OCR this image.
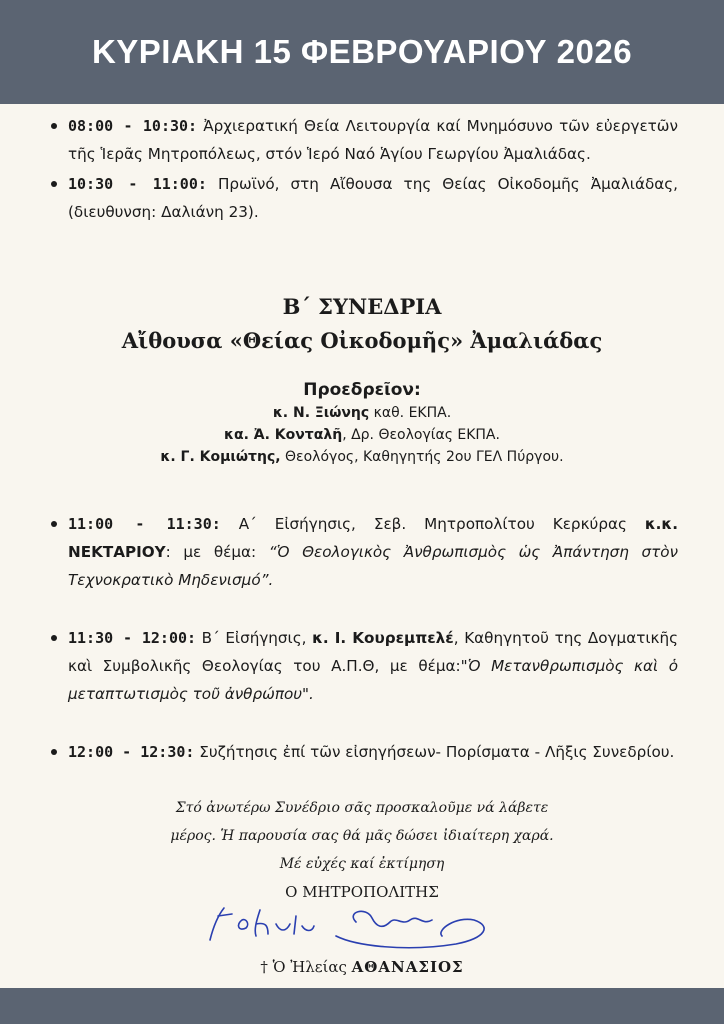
ΚΥΡΙΑΚΗ 15 ΦΕΒΡΟΥΑΡΙΟΥ 2026
08:00 - 10:30: Ἀρχιερατική Θεία Λειτουργία καί Μνημόσυνο τῶν εὐεργετῶν τῆς Ἱερᾶς Μητροπόλεως, στόν Ἱερό Ναό Ἁγίου Γεωργίου Ἀμαλιάδας.
10:30 - 11:00: Πρωϊνό, στη Αἴθουσα της Θείας Οἰκοδομῆς Ἀμαλιάδας, (διευθυνση: Δαλιάνη 23).
Β΄ ΣΥΝΕΔΡΙΑ
Αἴθουσα «Θείας Οἰκοδομῆς» Ἀμαλιάδας
Προεδρεῖον:
κ. Ν. Ξιώνης καθ. ΕΚΠΑ.
κα. Ἀ. Κονταλῆ, Δρ. Θεολογίας ΕΚΠΑ.
κ. Γ. Κομιώτης, Θεολόγος, Καθηγητής 2ου ΓΕΛ Πύργου.
11:00 - 11:30: Α΄ Εἰσήγησις, Σεβ. Μητροπολίτου Κερκύρας κ.κ. ΝΕΚΤΑΡΙΟΥ: με θέμα: “Ὁ Θεολογικὸς Ἀνθρωπισμὸς ὡς Ἀπάντηση στὸν Τεχνοκρατικὸ Μηδενισμό”.
11:30 - 12:00: Β΄ Εἰσήγησις, κ. Ι. Κουρεμπελέ, Καθηγητοῦ της Δογματικῆς καὶ Συμβολικῆς Θεολογίας του Α.Π.Θ, με θέμα:"Ὁ Μετανθρωπισμὸς καὶ ὁ μεταπτωτισμὸς τοῦ ἀνθρώπου".
12:00 - 12:30: Συζήτησις ἐπί τῶν εἰσηγήσεων- Πορίσματα - Λῆξις Συνεδρίου.
Στό ἀνωτέρω Συνέδριο σᾶς προσκαλοῦμε νά λάβετε
μέρος. Ἡ παρουσία σας θά μᾶς δώσει ἰδιαίτερη χαρά.
Μέ εὐχές καί ἐκτίμηση
Ο ΜΗΤΡΟΠΟΛΙΤΗΣ
† Ὁ Ἠλείας ΑΘΑΝΑΣΙΟΣ
